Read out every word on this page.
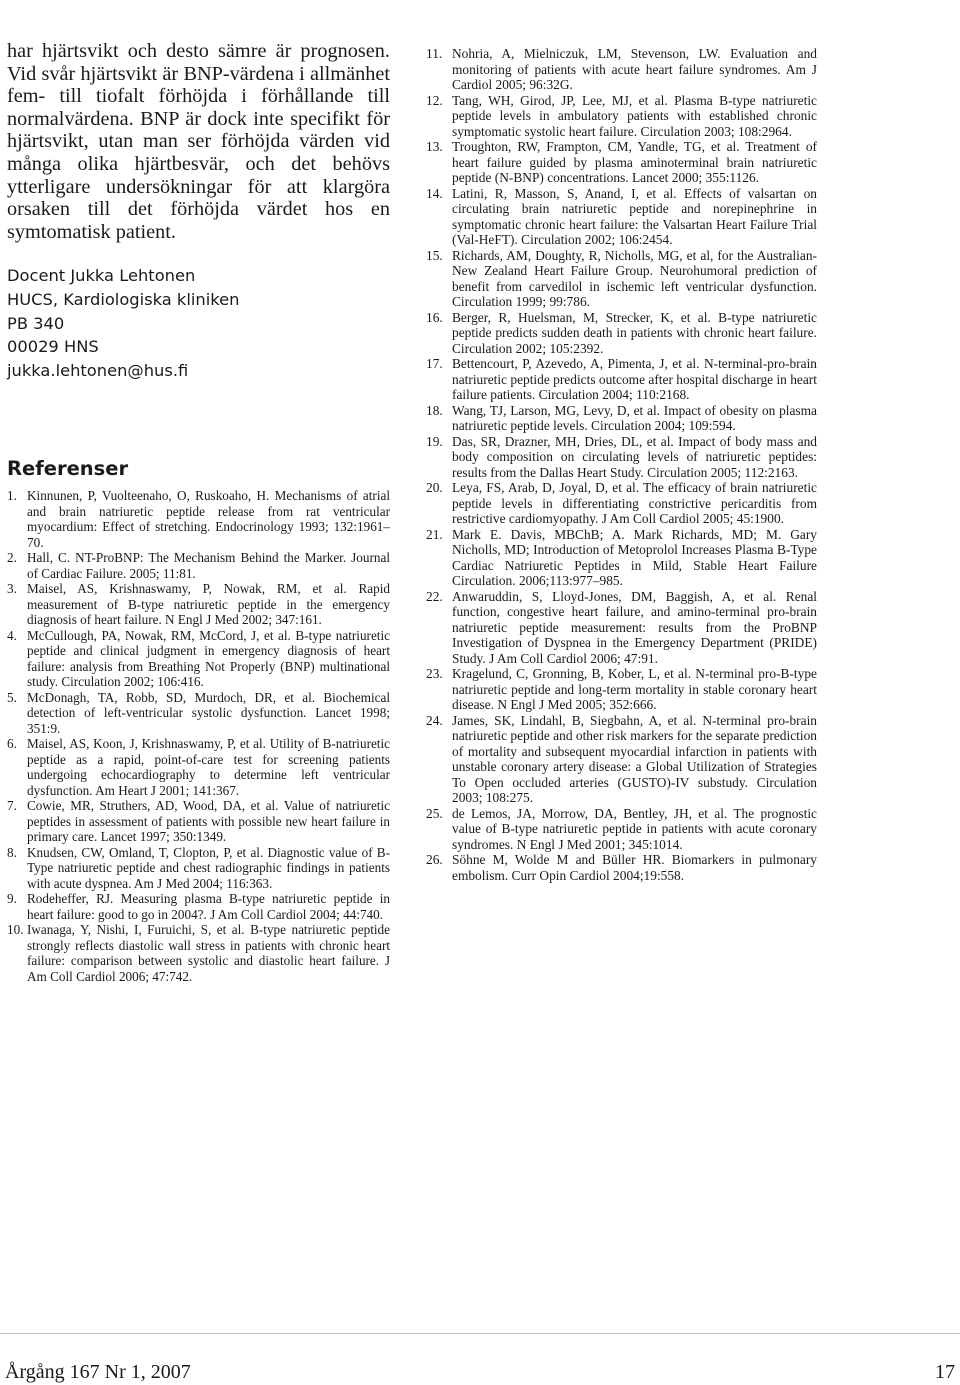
har hjärtsvikt och desto sämre är prognosen. Vid svår hjärtsvikt är BNP-värdena i allmänhet fem- till tiofalt förhöjda i förhållande till normalvärdena. BNP är dock inte specifikt för hjärtsvikt, utan man ser förhöjda värden vid många olika hjärtbesvär, och det behövs ytterligare undersökningar för att klargöra orsaken till det förhöjda värdet hos en symtomatisk patient.

Docent Jukka Lehtonen
HUCS, Kardiologiska kliniken
PB 340
00029 HNS
jukka.lehtonen@hus.fi
Referenser
1. Kinnunen, P, Vuolteenaho, O, Ruskoaho, H. Mechanisms of atrial and brain natriuretic peptide release from rat ventricular myocardium: Effect of stretching. Endocrinology 1993; 132:1961–70.
2. Hall, C. NT-ProBNP: The Mechanism Behind the Marker. Journal of Cardiac Failure. 2005; 11:81.
3. Maisel, AS, Krishnaswamy, P, Nowak, RM, et al. Rapid measurement of B-type natriuretic peptide in the emergency diagnosis of heart failure. N Engl J Med 2002; 347:161.
4. McCullough, PA, Nowak, RM, McCord, J, et al. B-type natriuretic peptide and clinical judgment in emergency diagnosis of heart failure: analysis from Breathing Not Properly (BNP) multinational study. Circulation 2002; 106:416.
5. McDonagh, TA, Robb, SD, Murdoch, DR, et al. Biochemical detection of left-ventricular systolic dysfunction. Lancet 1998; 351:9.
6. Maisel, AS, Koon, J, Krishnaswamy, P, et al. Utility of B-natriuretic peptide as a rapid, point-of-care test for screening patients undergoing echocardiography to determine left ventricular dysfunction. Am Heart J 2001; 141:367.
7. Cowie, MR, Struthers, AD, Wood, DA, et al. Value of natriuretic peptides in assessment of patients with possible new heart failure in primary care. Lancet 1997; 350:1349.
8. Knudsen, CW, Omland, T, Clopton, P, et al. Diagnostic value of B-Type natriuretic peptide and chest radiographic findings in patients with acute dyspnea. Am J Med 2004; 116:363.
9. Rodeheffer, RJ. Measuring plasma B-type natriuretic peptide in heart failure: good to go in 2004?. J Am Coll Cardiol 2004; 44:740.
10. Iwanaga, Y, Nishi, I, Furuichi, S, et al. B-type natriuretic peptide strongly reflects diastolic wall stress in patients with chronic heart failure: comparison between systolic and diastolic heart failure. J Am Coll Cardiol 2006; 47:742.
11. Nohria, A, Mielniczuk, LM, Stevenson, LW. Evaluation and monitoring of patients with acute heart failure syndromes. Am J Cardiol 2005; 96:32G.
12. Tang, WH, Girod, JP, Lee, MJ, et al. Plasma B-type natriuretic peptide levels in ambulatory patients with established chronic symptomatic systolic heart failure. Circulation 2003; 108:2964.
13. Troughton, RW, Frampton, CM, Yandle, TG, et al. Treatment of heart failure guided by plasma aminoterminal brain natriuretic peptide (N-BNP) concentrations. Lancet 2000; 355:1126.
14. Latini, R, Masson, S, Anand, I, et al. Effects of valsartan on circulating brain natriuretic peptide and norepinephrine in symptomatic chronic heart failure: the Valsartan Heart Failure Trial (Val-HeFT). Circulation 2002; 106:2454.
15. Richards, AM, Doughty, R, Nicholls, MG, et al, for the Australian-New Zealand Heart Failure Group. Neurohumoral prediction of benefit from carvedilol in ischemic left ventricular dysfunction. Circulation 1999; 99:786.
16. Berger, R, Huelsman, M, Strecker, K, et al. B-type natriuretic peptide predicts sudden death in patients with chronic heart failure. Circulation 2002; 105:2392.
17. Bettencourt, P, Azevedo, A, Pimenta, J, et al. N-terminal-pro-brain natriuretic peptide predicts outcome after hospital discharge in heart failure patients. Circulation 2004; 110:2168.
18. Wang, TJ, Larson, MG, Levy, D, et al. Impact of obesity on plasma natriuretic peptide levels. Circulation 2004; 109:594.
19. Das, SR, Drazner, MH, Dries, DL, et al. Impact of body mass and body composition on circulating levels of natriuretic peptides: results from the Dallas Heart Study. Circulation 2005; 112:2163.
20. Leya, FS, Arab, D, Joyal, D, et al. The efficacy of brain natriuretic peptide levels in differentiating constrictive pericarditis from restrictive cardiomyopathy. J Am Coll Cardiol 2005; 45:1900.
21. Mark E. Davis, MBChB; A. Mark Richards, MD; M. Gary Nicholls, MD; Introduction of Metoprolol Increases Plasma B-Type Cardiac Natriuretic Peptides in Mild, Stable Heart Failure Circulation. 2006;113:977–985.
22. Anwaruddin, S, Lloyd-Jones, DM, Baggish, A, et al. Renal function, congestive heart failure, and amino-terminal pro-brain natriuretic peptide measurement: results from the ProBNP Investigation of Dyspnea in the Emergency Department (PRIDE) Study. J Am Coll Cardiol 2006; 47:91.
23. Kragelund, C, Gronning, B, Kober, L, et al. N-terminal pro-B-type natriuretic peptide and long-term mortality in stable coronary heart disease. N Engl J Med 2005; 352:666.
24. James, SK, Lindahl, B, Siegbahn, A, et al. N-terminal pro-brain natriuretic peptide and other risk markers for the separate prediction of mortality and subsequent myocardial infarction in patients with unstable coronary artery disease: a Global Utilization of Strategies To Open occluded arteries (GUSTO)-IV substudy. Circulation 2003; 108:275.
25. de Lemos, JA, Morrow, DA, Bentley, JH, et al. The prognostic value of B-type natriuretic peptide in patients with acute coronary syndromes. N Engl J Med 2001; 345:1014.
26. Söhne M, Wolde M and Büller HR. Biomarkers in pulmonary embolism. Curr Opin Cardiol 2004;19:558.
Årgång 167 Nr 1, 2007	17
